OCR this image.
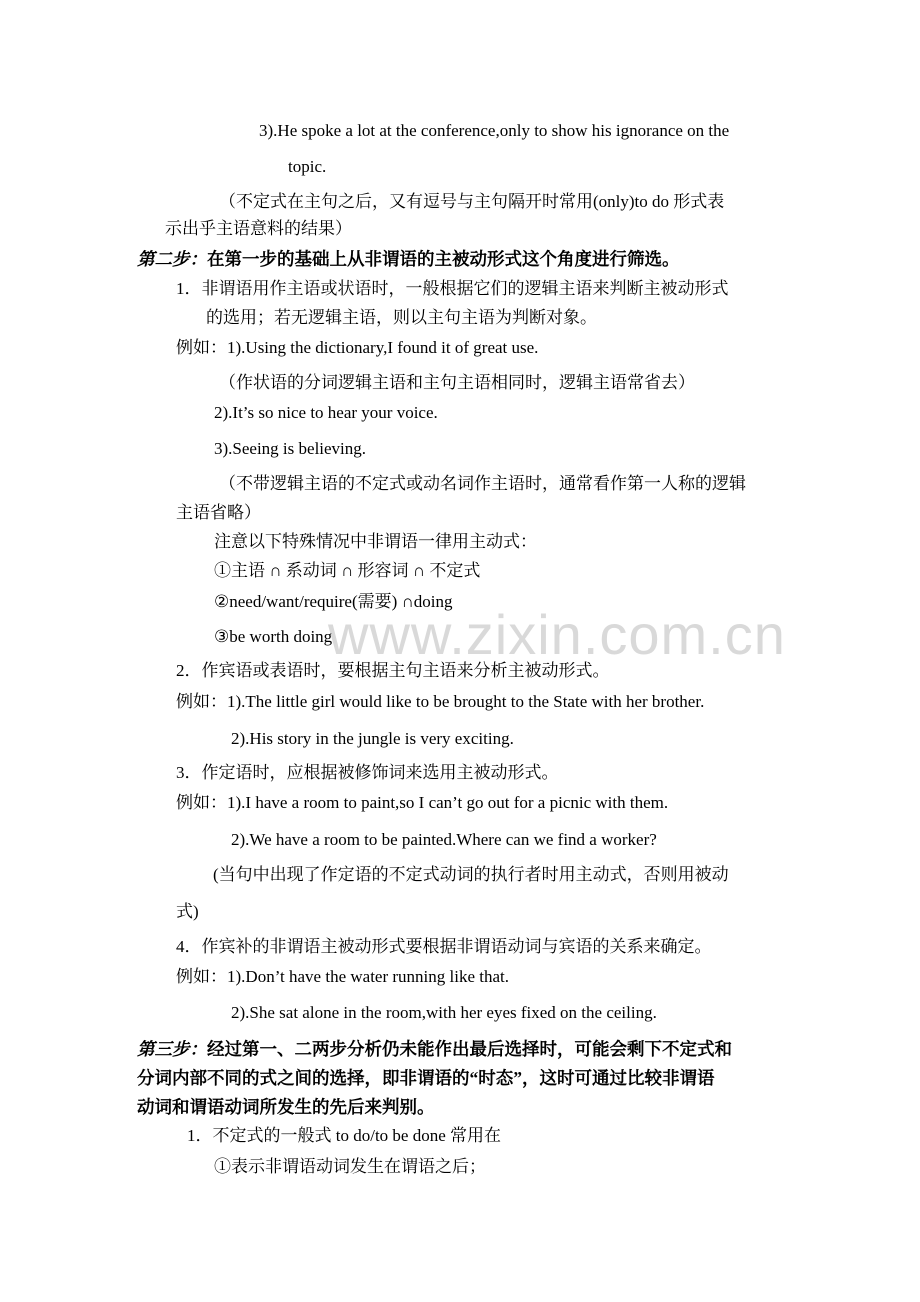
www.zixin.com.cn
3).He spoke a lot at the conference,only to show his ignorance on the
topic.
（不定式在主句之后，又有逗号与主句隔开时常用(only)to do 形式表
示出乎主语意料的结果）
第二步：在第一步的基础上从非谓语的主被动形式这个角度进行筛选。
1．非谓语用作主语或状语时，一般根据它们的逻辑主语来判断主被动形式
的选用；若无逻辑主语，则以主句主语为判断对象。
例如：1).Using the dictionary,I found it of great use.
（作状语的分词逻辑主语和主句主语相同时，逻辑主语常省去）
2).It’s so nice to hear your voice.
3).Seeing is believing.
（不带逻辑主语的不定式或动名词作主语时，通常看作第一人称的逻辑
主语省略）
注意以下特殊情况中非谓语一律用主动式：
①主语 ∩ 系动词 ∩ 形容词 ∩ 不定式
②need/want/require(需要) ∩doing
③be worth doing
2．作宾语或表语时，要根据主句主语来分析主被动形式。
例如：1).The little girl would like to be brought to the State with her brother.
2).His story in the jungle is very exciting.
3．作定语时，应根据被修饰词来选用主被动形式。
例如：1).I have a room to paint,so I can’t go out for a picnic with them.
2).We have a room to be painted.Where can we find a worker?
(当句中出现了作定语的不定式动词的执行者时用主动式，否则用被动
式)
4．作宾补的非谓语主被动形式要根据非谓语动词与宾语的关系来确定。
例如：1).Don’t have the water running like that.
2).She sat alone in the room,with her eyes fixed on the ceiling.
第三步：经过第一、二两步分析仍未能作出最后选择时，可能会剩下不定式和
分词内部不同的式之间的选择，即非谓语的“时态”，这时可通过比较非谓语
动词和谓语动词所发生的先后来判别。
1．不定式的一般式 to do/to be done 常用在
①表示非谓语动词发生在谓语之后；
